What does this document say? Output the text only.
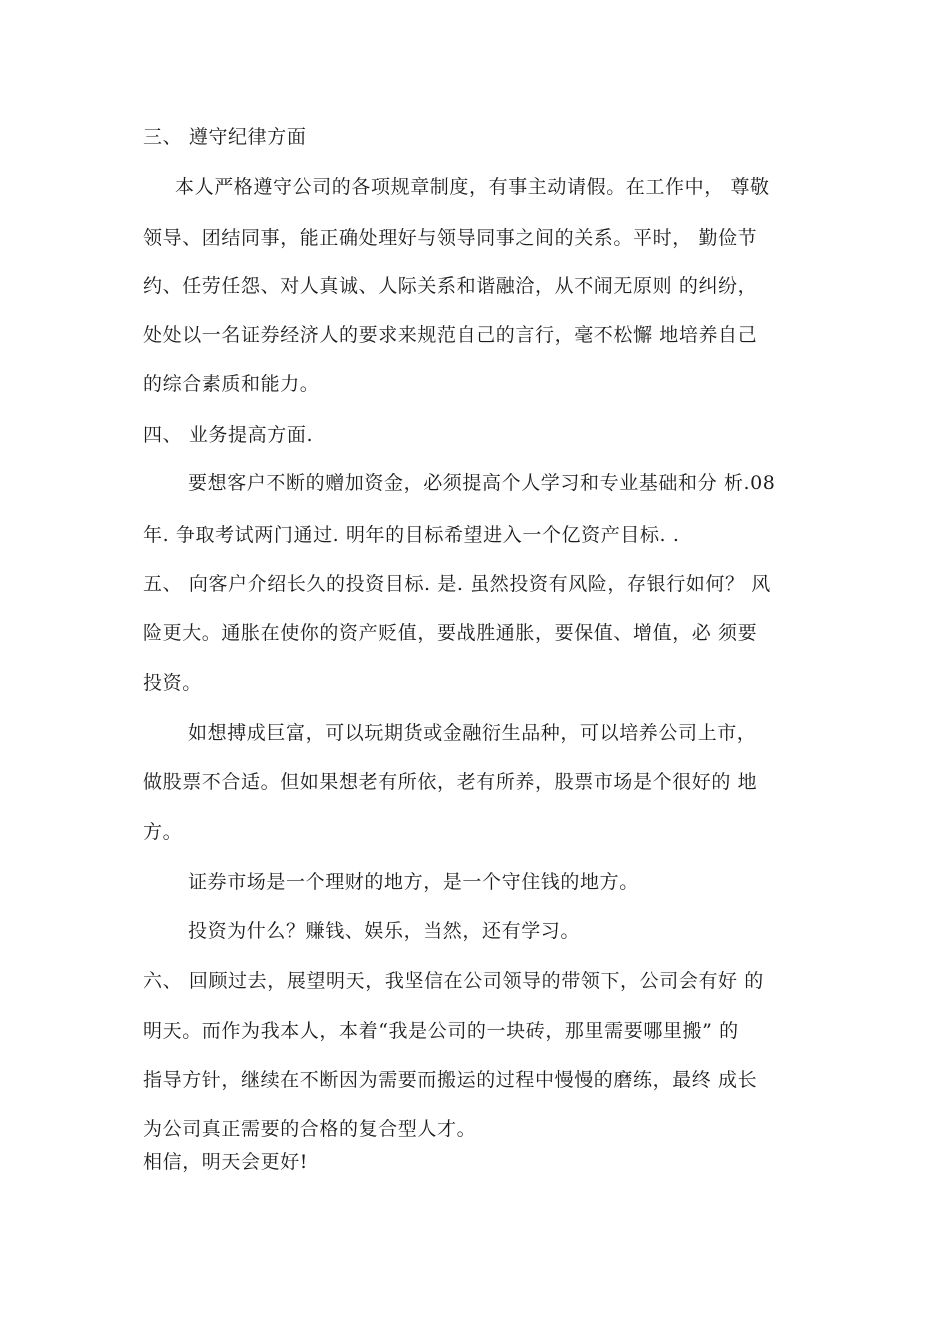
三、 遵守纪律方面
本人严格遵守公司的各项规章制度，有事主动请假。在工作中， 尊敬
领导、团结同事，能正确处理好与领导同事之间的关系。平时， 勤俭节
约、任劳任怨、对人真诚、人际关系和谐融洽，从不闹无原则 的纠纷，
处处以一名证券经济人的要求来规范自己的言行，毫不松懈 地培养自己
的综合素质和能力。
四、 业务提高方面.
要想客户不断的赠加资金，必须提高个人学习和专业基础和分 析.08
年. 争取考试两门通过. 明年的目标希望进入一个亿资产目标. .
五、 向客户介绍长久的投资目标. 是. 虽然投资有风险，存银行如何？ 风
险更大。通胀在使你的资产贬值，要战胜通胀，要保值、增值，必 须要
投资。
如想搏成巨富，可以玩期货或金融衍生品种，可以培养公司上市，
做股票不合适。但如果想老有所依，老有所养，股票市场是个很好的 地
方。
证券市场是一个理财的地方，是一个守住钱的地方。
投资为什么？赚钱、娱乐，当然，还有学习。
六、 回顾过去，展望明天，我坚信在公司领导的带领下，公司会有好 的
明天。而作为我本人，本着“我是公司的一块砖，那里需要哪里搬” 的
指导方针，继续在不断因为需要而搬运的过程中慢慢的磨练，最终 成长
为公司真正需要的合格的复合型人才。
相信，明天会更好!
